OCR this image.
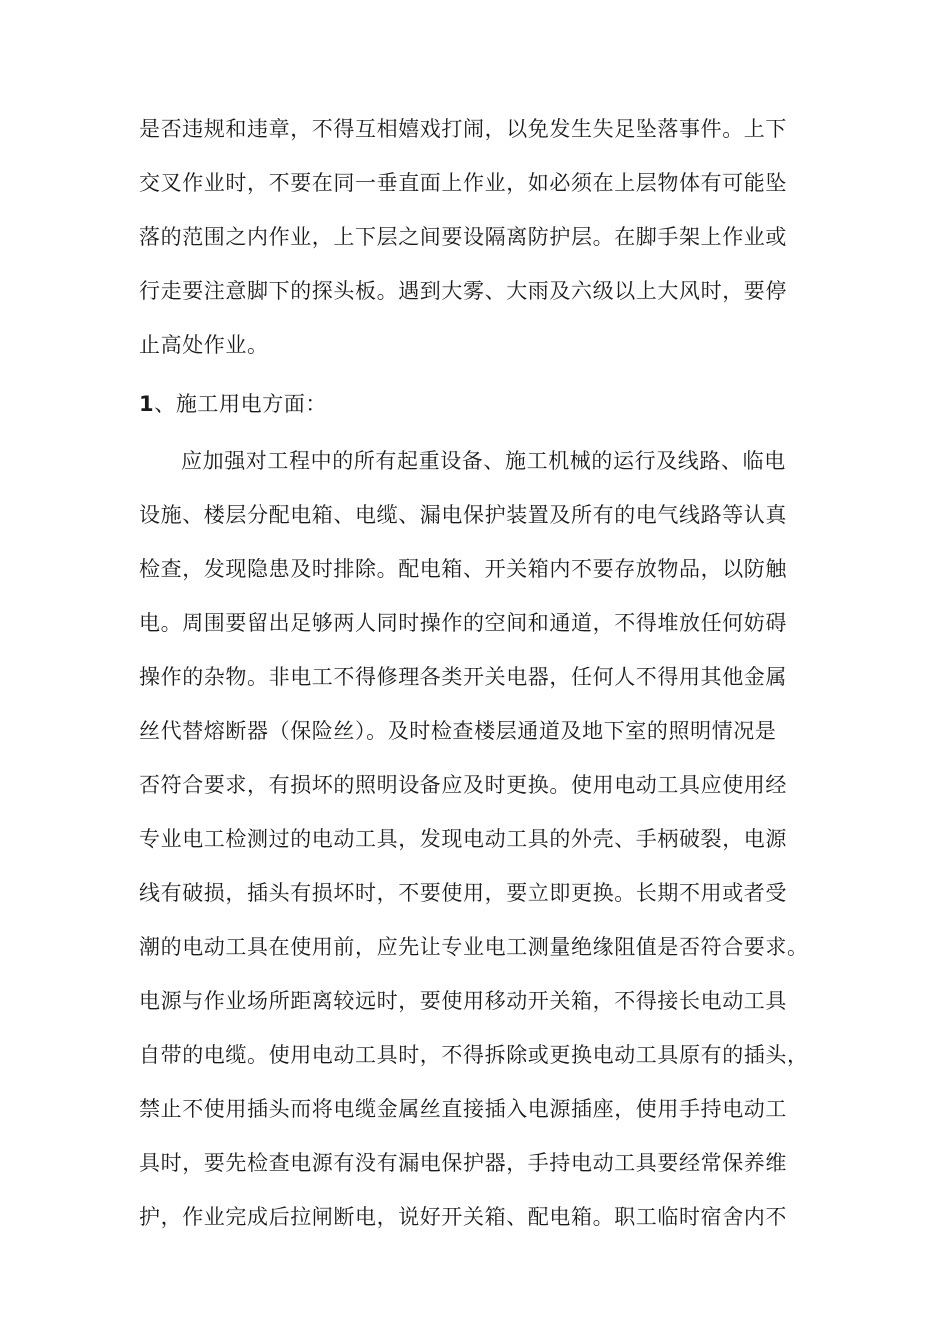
是否违规和违章，不得互相嬉戏打闹，以免发生失足坠落事件。上下
交叉作业时，不要在同一垂直面上作业，如必须在上层物体有可能坠
落的范围之内作业，上下层之间要设隔离防护层。在脚手架上作业或
行走要注意脚下的探头板。遇到大雾、大雨及六级以上大风时，要停
止高处作业。
1、施工用电方面：
应加强对工程中的所有起重设备、施工机械的运行及线路、临电
设施、楼层分配电箱、电缆、漏电保护装置及所有的电气线路等认真
检查，发现隐患及时排除。配电箱、开关箱内不要存放物品，以防触
电。周围要留出足够两人同时操作的空间和通道，不得堆放任何妨碍
操作的杂物。非电工不得修理各类开关电器，任何人不得用其他金属
丝代替熔断器（保险丝）。及时检查楼层通道及地下室的照明情况是
否符合要求，有损坏的照明设备应及时更换。使用电动工具应使用经
专业电工检测过的电动工具，发现电动工具的外壳、手柄破裂，电源
线有破损，插头有损坏时，不要使用，要立即更换。长期不用或者受
潮的电动工具在使用前，应先让专业电工测量绝缘阻值是否符合要求。
电源与作业场所距离较远时，要使用移动开关箱，不得接长电动工具
自带的电缆。使用电动工具时，不得拆除或更换电动工具原有的插头，
禁止不使用插头而将电缆金属丝直接插入电源插座，使用手持电动工
具时，要先检查电源有没有漏电保护器，手持电动工具要经常保养维
护，作业完成后拉闸断电，说好开关箱、配电箱。职工临时宿舍内不
